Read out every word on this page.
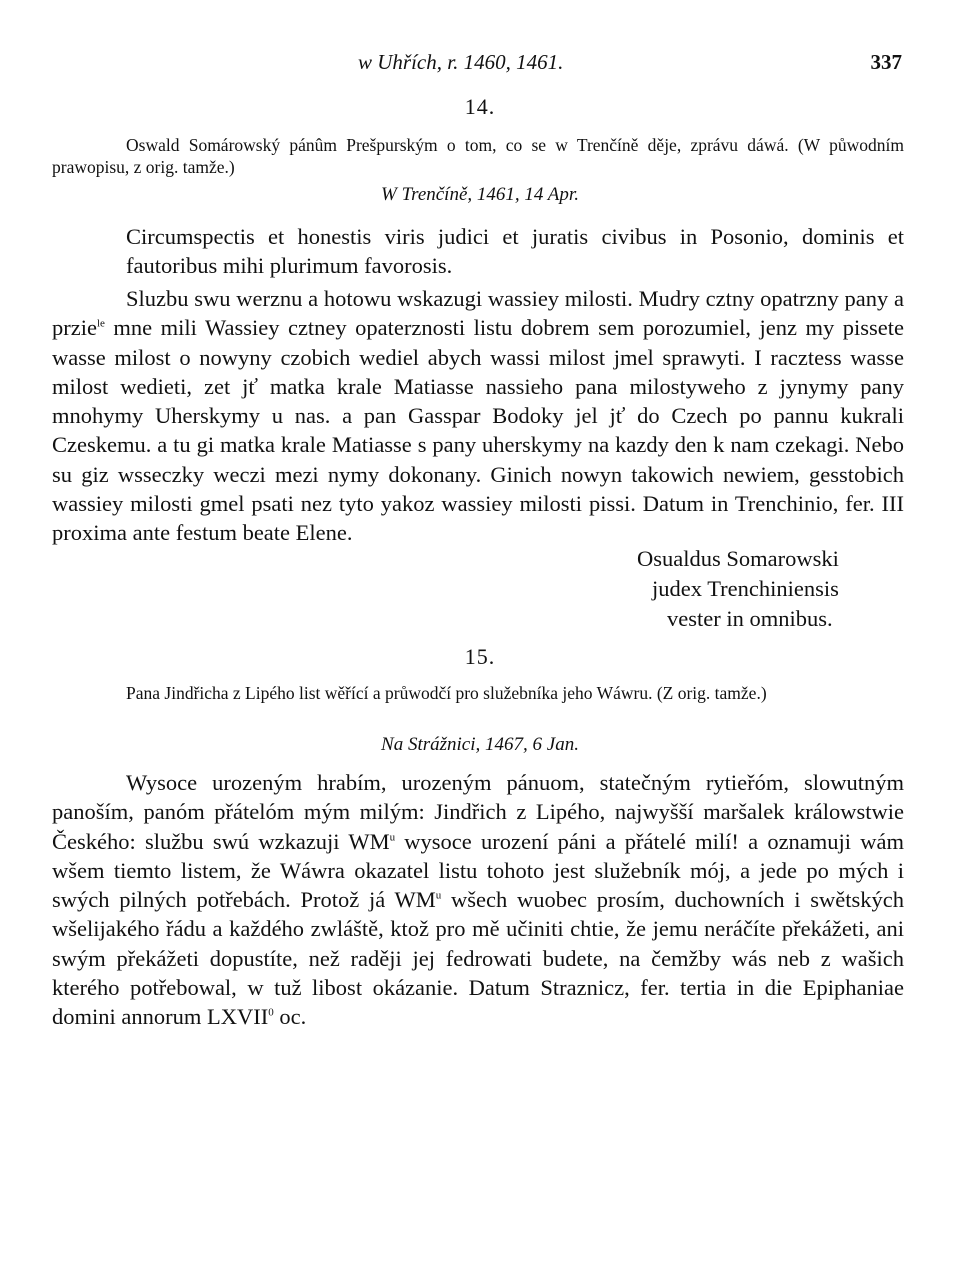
w Uhřích, r. 1460, 1461.	337
14.
Oswald Somárowský pánûm Prešpurským o tom, co se w Trenčíně děje, zprávu dáwá. (W půwodním prawopisu, z orig. tamže.)
W Trenčíně, 1461, 14 Apr.
Circumspectis et honestis viris judici et juratis civibus in Posonio, dominis et fautoribus mihi plurimum favorosis.
Sluzbu swu werznu a hotowu wskazugi wassiey milosti. Mudry cztny opatrzny pany a przie$^{le}$ mne mili Wassiey cztney opaterznosti listu dobrem sem porozumiel, jenz my pissete wasse milost o nowyny czobich wediel abych wassi milost jmel sprawyti. I racztess wasse milost wedieti, zet jť matka krale Matiasse nassieho pana milostyweho z jynymy pany mnohymy Uherskymy u nas. a pan Gasspar Bodoky jel jť do Czech po pannu kukrali Czeskemu. a tu gi matka krale Matiasse s pany uherskymy na kazdy den k nam czekagi. Nebo su giz wsseczky weczi mezi nymy dokonany. Ginich nowyn takowich newiem, gesstobich wassiey milosti gmel psati nez tyto yakoz wassiey milosti pissi. Datum in Trenchinio, fer. III proxima ante festum beate Elene.
Osualdus Somarowski
judex Trenchiniensis
vester in omnibus.
15.
Pana Jindřicha z Lipého list wěřící a průwodčí pro služebníka jeho Wáwru. (Z orig. tamže.)
Na Strážnici, 1467, 6 Jan.
Wysoce urozeným hrabím, urozeným pánuom, statečným rytieřóm, slowutným panoším, panóm přátelóm mým milým: Jindřich z Lipého, najwyšší maršalek králowstwie Českého: službu swú wzkazuji $WM^u$ wysoce urození páni a přátelé milí! a oznamuji wám wšem tiemto listem, že Wáwra okazatel listu tohoto jest služebník mój, a jede po mých i swých pilných potřebách. Protož já $WM^u$ wšech wuobec prosím, duchowních i swětských wšelijakého řádu a každého zwláště, ktož pro mě učiniti chtie, že jemu neráčíte překážeti, ani swým překážeti dopustíte, než raději jej fedrowati budete, na čemžby wás neb z wašich kterého potřebowal, w tuž libost okázanie. Datum Straznicz, fer. tertia in die Epiphaniae domini annorum LXVII$^0$ oc.
